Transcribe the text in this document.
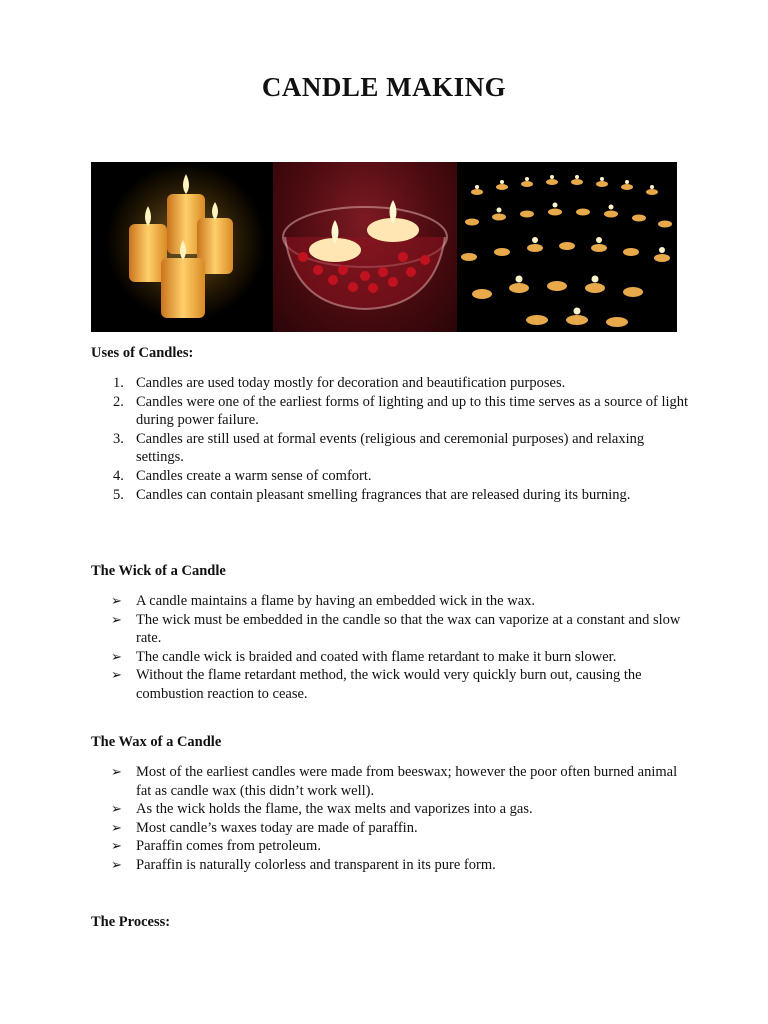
CANDLE MAKING
Uses of Candles:
1. Candles are used today mostly for decoration and beautification purposes.
2. Candles were one of the earliest forms of lighting and up to this time serves as a source of light during power failure.
3. Candles are still used at formal events (religious and ceremonial purposes) and relaxing settings.
4. Candles create a warm sense of comfort.
5. Candles can contain pleasant smelling fragrances that are released during its burning.
The Wick of a Candle
➢ A candle maintains a flame by having an embedded wick in the wax.
➢ The wick must be embedded in the candle so that the wax can vaporize at a constant and slow rate.
➢ The candle wick is braided and coated with flame retardant to make it burn slower.
➢ Without the flame retardant method, the wick would very quickly burn out, causing the combustion reaction to cease.
The Wax of a Candle
➢ Most of the earliest candles were made from beeswax; however the poor often burned animal fat as candle wax (this didn’t work well).
➢ As the wick holds the flame, the wax melts and vaporizes into a gas.
➢ Most candle’s waxes today are made of paraffin.
➢ Paraffin comes from petroleum.
➢ Paraffin is naturally colorless and transparent in its pure form.
The Process:
